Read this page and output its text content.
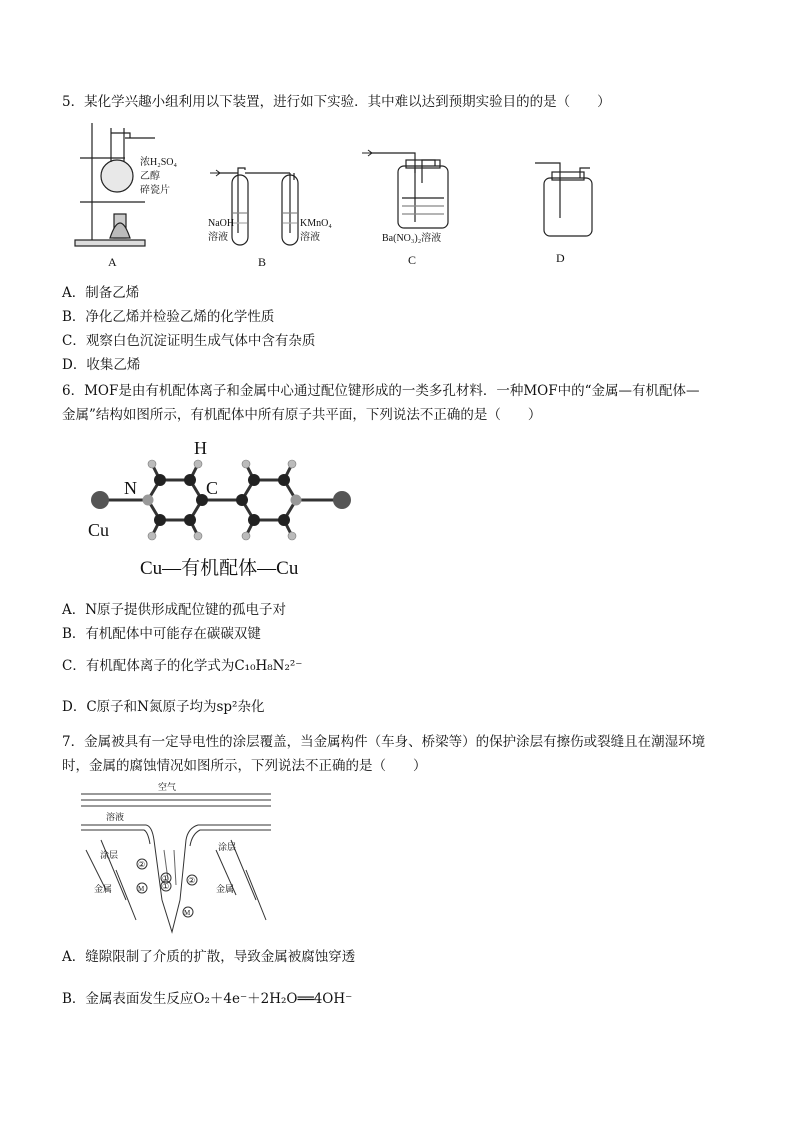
5．某化学兴趣小组利用以下装置，进行如下实验．其中难以达到预期实验目的的是（　　）
浓H₂SO₄
乙醇
碎瓷片
NaOH
溶液
KMnO₄
溶液	Ba(NO₃)₂溶液
A	B	C	D
A．制备乙烯
B．净化乙烯并检验乙烯的化学性质
C．观察白色沉淀证明生成气体中含有杂质
D．收集乙烯
6．MOF是由有机配体离子和金属中心通过配位键形成的一类多孔材料．一种MOF中的“金属—有机配体—
金属”结构如图所示，有机配体中所有原子共平面，下列说法不正确的是（　　）
H
N	C
Cu
Cu—有机配体—Cu
A．N原子提供形成配位键的孤电子对
B．有机配体中可能存在碳碳双键
C．有机配体离子的化学式为C₁₀H₈N₂²⁻
D．C原子和N氮原子均为sp²杂化
7．金属被具有一定导电性的涂层覆盖，当金属构件（车身、桥梁等）的保护涂层有擦伤或裂缝且在潮湿环境
时，金属的腐蚀情况如图所示，下列说法不正确的是（　　）
空气
溶液
涂层
涂层
金属	金属
M
M
①
②
①
②
A．缝隙限制了介质的扩散，导致金属被腐蚀穿透
B．金属表面发生反应O₂＋4e⁻＋2H₂O══4OH⁻
